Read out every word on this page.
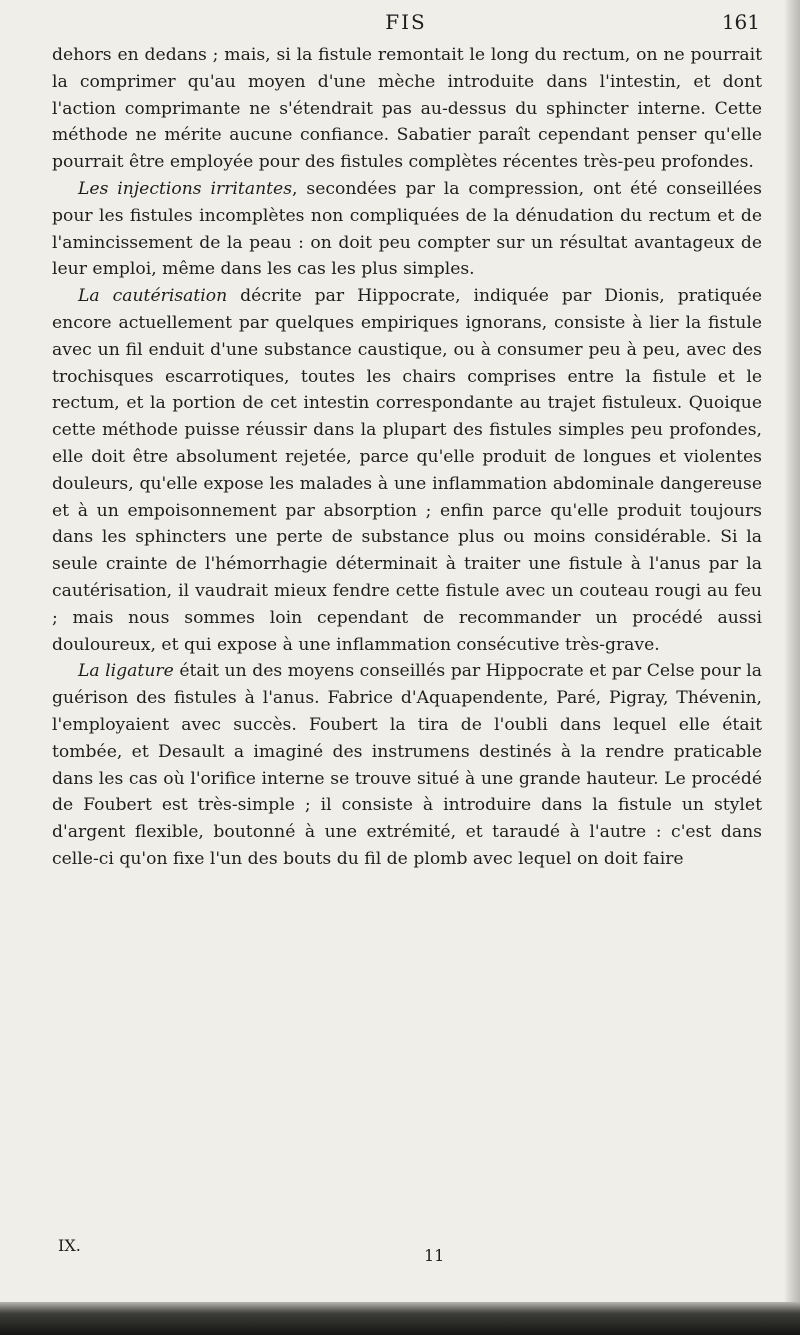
FIS	161

dehors en dedans ; mais, si la fistule remontait le long du rectum, on ne pourrait la comprimer qu'au moyen d'une mèche introduite dans l'intestin, et dont l'action comprimante ne s'étendrait pas au-dessus du sphincter interne. Cette méthode ne mérite aucune confiance. Sabatier paraît cependant penser qu'elle pourrait être employée pour des fistules complètes récentes très-peu profondes.

Les injections irritantes, secondées par la compression, ont été conseillées pour les fistules incomplètes non compliquées de la dénudation du rectum et de l'amincissement de la peau : on doit peu compter sur un résultat avantageux de leur emploi, même dans les cas les plus simples.

La cautérisation décrite par Hippocrate, indiquée par Dionis, pratiquée encore actuellement par quelques empiriques ignorans, consiste à lier la fistule avec un fil enduit d'une substance caustique, ou à consumer peu à peu, avec des trochisques escarrotiques, toutes les chairs comprises entre la fistule et le rectum, et la portion de cet intestin correspondante au trajet fistuleux. Quoique cette méthode puisse réussir dans la plupart des fistules simples peu profondes, elle doit être absolument rejetée, parce qu'elle produit de longues et violentes douleurs, qu'elle expose les malades à une inflammation abdominale dangereuse et à un empoisonnement par absorption ; enfin parce qu'elle produit toujours dans les sphincters une perte de substance plus ou moins considérable. Si la seule crainte de l'hémorrhagie déterminait à traiter une fistule à l'anus par la cautérisation, il vaudrait mieux fendre cette fistule avec un couteau rougi au feu ; mais nous sommes loin cependant de recommander un procédé aussi douloureux, et qui expose à une inflammation consécutive très-grave.

La ligature était un des moyens conseillés par Hippocrate et par Celse pour la guérison des fistules à l'anus. Fabrice d'Aquapendente, Paré, Pigray, Thévenin, l'employaient avec succès. Foubert la tira de l'oubli dans lequel elle était tombée, et Desault a imaginé des instrumens destinés à la rendre praticable dans les cas où l'orifice interne se trouve situé à une grande hauteur. Le procédé de Foubert est très-simple ; il consiste à introduire dans la fistule un stylet d'argent flexible, boutonné à une extrémité, et taraudé à l'autre : c'est dans celle-ci qu'on fixe l'un des bouts du fil de plomb avec lequel on doit faire

IX.
11
